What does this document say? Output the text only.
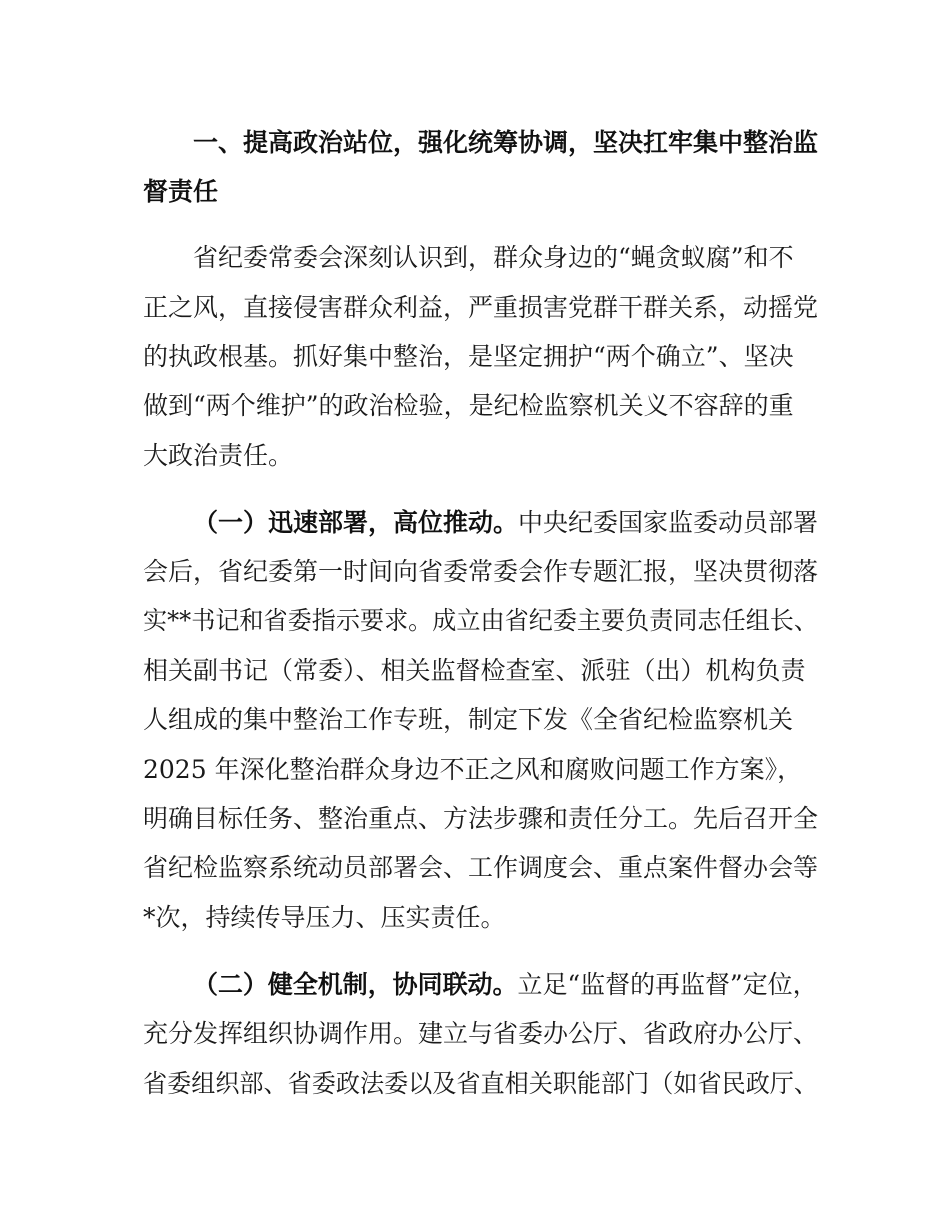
一、提高政治站位，强化统筹协调，坚决扛牢集中整治监
督责任
省纪委常委会深刻认识到，群众身边的“蝇贪蚁腐”和不
正之风，直接侵害群众利益，严重损害党群干群关系，动摇党
的执政根基。抓好集中整治，是坚定拥护“两个确立”、坚决
做到“两个维护”的政治检验，是纪检监察机关义不容辞的重
大政治责任。
（一）迅速部署，高位推动。中央纪委国家监委动员部署
会后，省纪委第一时间向省委常委会作专题汇报，坚决贯彻落
实**书记和省委指示要求。成立由省纪委主要负责同志任组长、
相关副书记（常委）、相关监督检查室、派驻（出）机构负责
人组成的集中整治工作专班，制定下发《全省纪检监察机关
2025 年深化整治群众身边不正之风和腐败问题工作方案》，
明确目标任务、整治重点、方法步骤和责任分工。先后召开全
省纪检监察系统动员部署会、工作调度会、重点案件督办会等
*次，持续传导压力、压实责任。
（二）健全机制，协同联动。立足“监督的再监督”定位，
充分发挥组织协调作用。建立与省委办公厅、省政府办公厅、
省委组织部、省委政法委以及省直相关职能部门（如省民政厅、
